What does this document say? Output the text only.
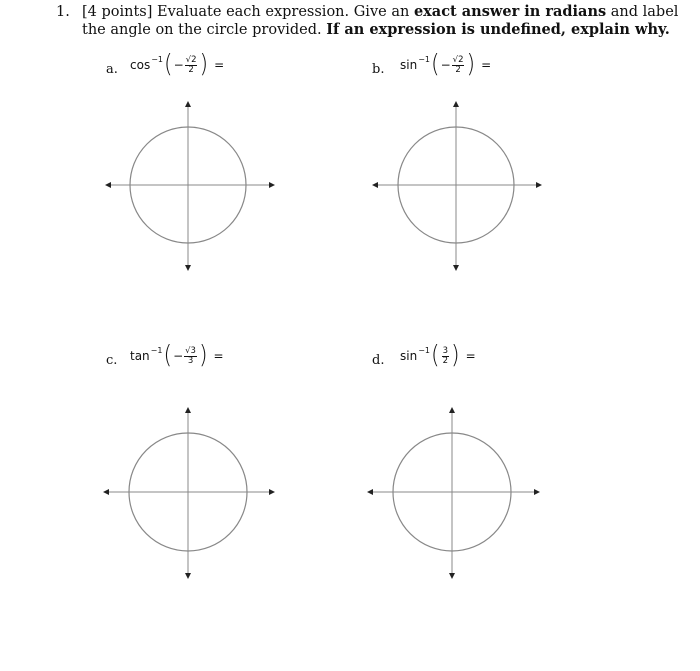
1. [4 points] Evaluate each expression. Give an exact answer in radians and label the angle on the circle provided. If an expression is undefined, explain why.
a. $\cos^{-1}$ ( − $\frac{√2}{2}$ ) =	b. $\sin^{-1}$ ( − $\frac{√2}{2}$ ) =
c. $\tan^{-1}$ ( − $\frac{√3}{3}$ ) =	d. $\sin^{-1}$ ( $\frac{3}{2}$ ) =
